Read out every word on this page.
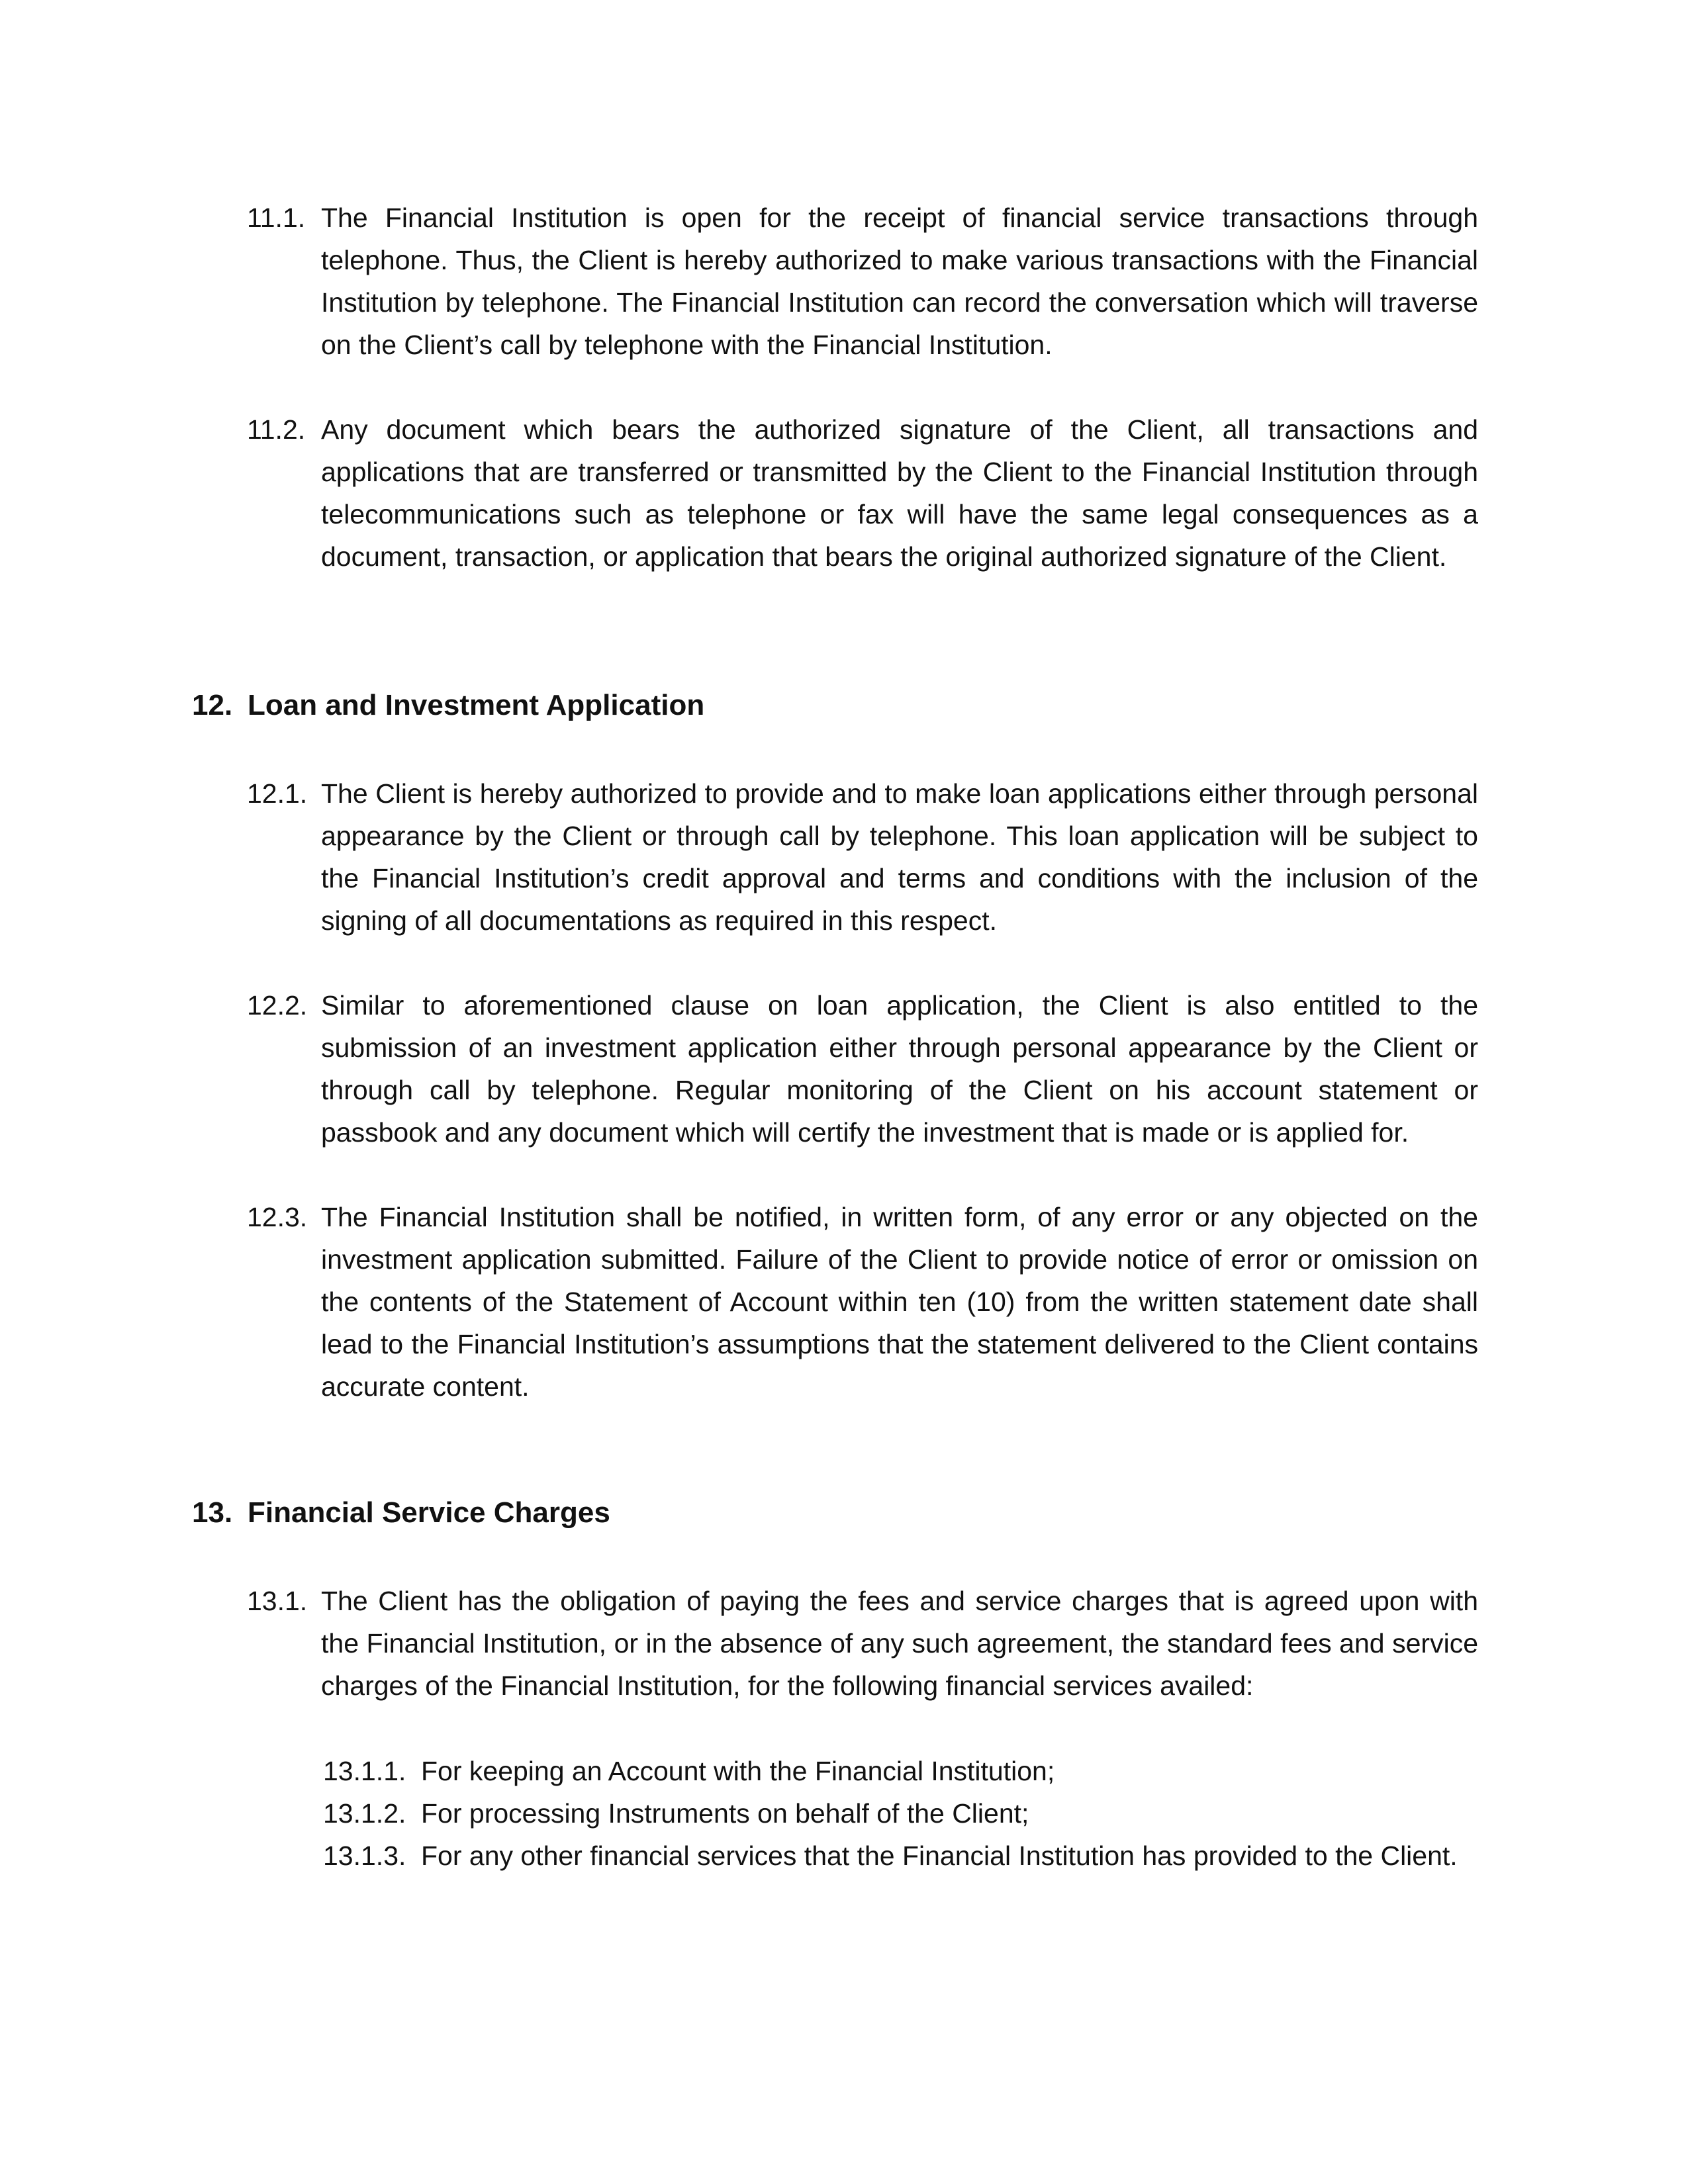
11.1. The Financial Institution is open for the receipt of financial service transactions through telephone. Thus, the Client is hereby authorized to make various transactions with the Financial Institution by telephone. The Financial Institution can record the conversation which will traverse on the Client’s call by telephone with the Financial Institution.
11.2. Any document which bears the authorized signature of the Client, all transactions and applications that are transferred or transmitted by the Client to the Financial Institution through telecommunications such as telephone or fax will have the same legal consequences as a document, transaction, or application that bears the original authorized signature of the Client.
12. Loan and Investment Application
12.1. The Client is hereby authorized to provide and to make loan applications either through personal appearance by the Client or through call by telephone. This loan application will be subject to the Financial Institution’s credit approval and terms and conditions with the inclusion of the signing of all documentations as required in this respect.
12.2. Similar to aforementioned clause on loan application, the Client is also entitled to the submission of an investment application either through personal appearance by the Client or through call by telephone. Regular monitoring of the Client on his account statement or passbook and any document which will certify the investment that is made or is applied for.
12.3. The Financial Institution shall be notified, in written form, of any error or any objected on the investment application submitted. Failure of the Client to provide notice of error or omission on the contents of the Statement of Account within ten (10) from the written statement date shall lead to the Financial Institution’s assumptions that the statement delivered to the Client contains accurate content.
13. Financial Service Charges
13.1. The Client has the obligation of paying the fees and service charges that is agreed upon with the Financial Institution, or in the absence of any such agreement, the standard fees and service charges of the Financial Institution, for the following financial services availed:
13.1.1. For keeping an Account with the Financial Institution;
13.1.2. For processing Instruments on behalf of the Client;
13.1.3. For any other financial services that the Financial Institution has provided to the Client.
